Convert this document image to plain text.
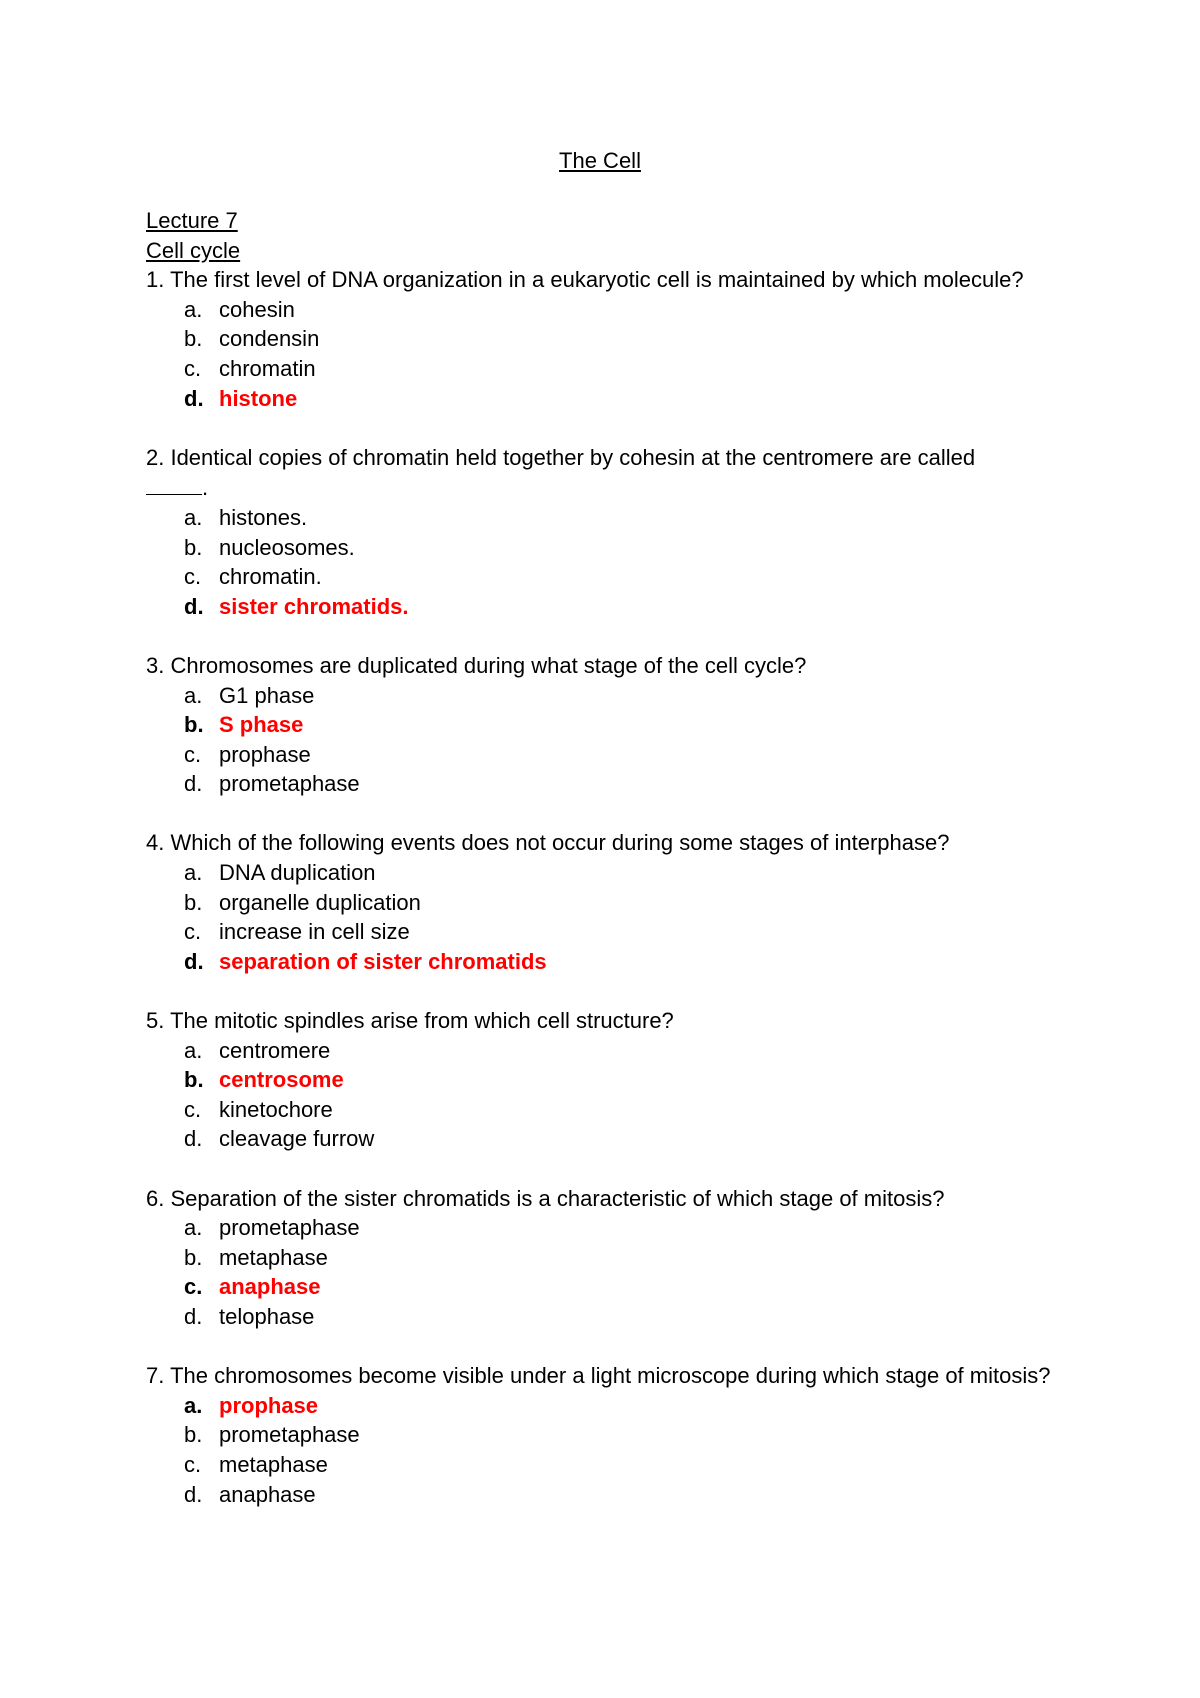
The Cell

Lecture 7

Cell cycle

1. The first level of DNA organization in a eukaryotic cell is maintained by which molecule?

a. cohesin
b. condensin
c. chromatin
d. histone

2. Identical copies of chromatin held together by cohesin at the centromere are called

.

a. histones.
b. nucleosomes.
c. chromatin.
d. sister chromatids.

3. Chromosomes are duplicated during what stage of the cell cycle?

a. G1 phase
b. S phase
c. prophase
d. prometaphase

4. Which of the following events does not occur during some stages of interphase?

a. DNA duplication
b. organelle duplication
c. increase in cell size
d. separation of sister chromatids

5. The mitotic spindles arise from which cell structure?

a. centromere
b. centrosome
c. kinetochore
d. cleavage furrow

6. Separation of the sister chromatids is a characteristic of which stage of mitosis?

a. prometaphase
b. metaphase
c. anaphase
d. telophase

7. The chromosomes become visible under a light microscope during which stage of mitosis?

a. prophase
b. prometaphase
c. metaphase
d. anaphase
